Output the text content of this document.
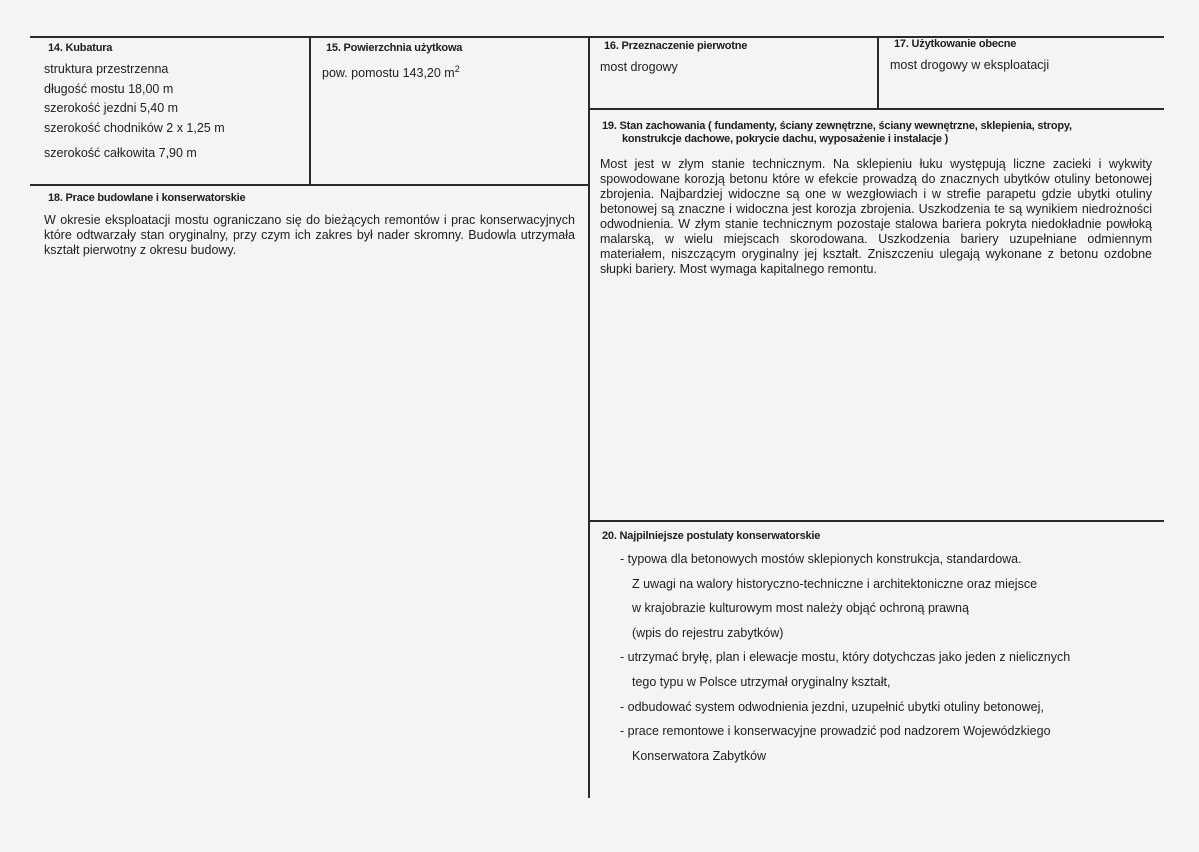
14. Kubatura
struktura przestrzenna
długość mostu 18,00 m
szerokość jezdni 5,40 m
szerokość chodników 2 x 1,25 m
szerokość całkowita 7,90 m
15. Powierzchnia użytkowa
pow. pomostu 143,20 $m^2$
16. Przeznaczenie pierwotne
most drogowy
17. Użytkowanie obecne
most drogowy w eksploatacji
18. Prace budowlane i konserwatorskie
W okresie eksploatacji mostu ograniczano się do bieżących remontów i prac konserwacyjnych które odtwarzały stan oryginalny, przy czym ich zakres był nader skromny. Budowla utrzymała kształt pierwotny z okresu budowy.
19. Stan zachowania ( fundamenty, ściany zewnętrzne, ściany wewnętrzne, sklepienia, stropy,
konstrukcje dachowe, pokrycie dachu, wyposażenie i instalacje )
Most jest w złym stanie technicznym. Na sklepieniu łuku występują liczne zacieki i wykwity spowodowane korozją betonu które w efekcie prowadzą do znacznych ubytków otuliny betonowej zbrojenia. Najbardziej widoczne są one w wezgłowiach i w strefie parapetu gdzie ubytki otuliny betonowej są znaczne i widoczna jest korozja zbrojenia. Uszkodzenia te są wynikiem niedrożności odwodnienia. W złym stanie technicznym pozostaje stalowa bariera pokryta niedokładnie powłoką malarską, w wielu miejscach skorodowana. Uszkodzenia bariery uzupełniane odmiennym materiałem, niszczącym oryginalny jej kształt. Zniszczeniu ulegają wykonane z betonu ozdobne słupki bariery. Most wymaga kapitalnego remontu.
20. Najpilniejsze postulaty konserwatorskie
- typowa dla betonowych mostów sklepionych konstrukcja, standardowa.
Z uwagi na walory historyczno-techniczne i architektoniczne oraz miejsce
w krajobrazie kulturowym most należy objąć ochroną prawną
(wpis do rejestru zabytków)
- utrzymać bryłę, plan i elewacje mostu, który dotychczas jako jeden z nielicznych
tego typu w Polsce utrzymał oryginalny kształt,
- odbudować system odwodnienia jezdni, uzupełnić ubytki otuliny betonowej,
- prace remontowe i konserwacyjne prowadzić pod nadzorem Wojewódzkiego
Konserwatora Zabytków
